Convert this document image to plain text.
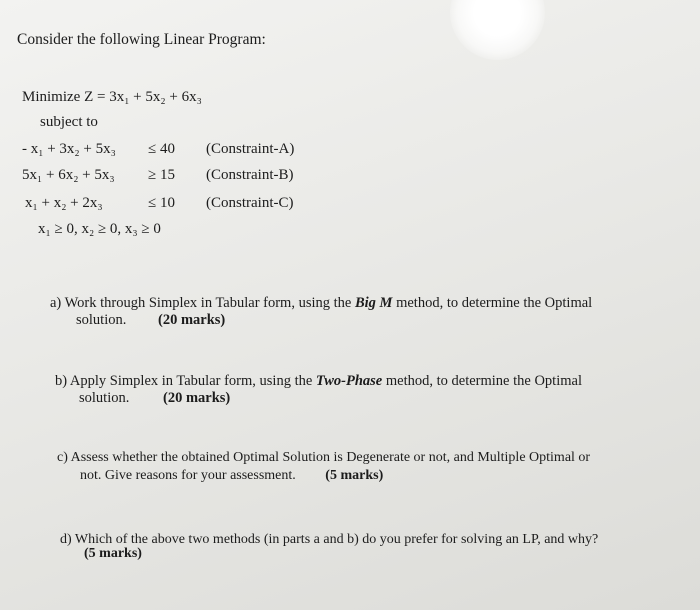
Consider the following Linear Program:
Minimize Z = 3x₁ + 5x₂ + 6x₃
subject to
- x₁ + 3x₂ + 5x₃ ≤ 40 (Constraint-A)
5x₁ + 6x₂ + 5x₃ ≥ 15 (Constraint-B)
x₁ + x₂ + 2x₃	≤ 10 (Constraint-C)
x₁ ≥ 0, x₂ ≥ 0, x₃ ≥ 0
a) Work through Simplex in Tabular form, using the Big M method, to determine the Optimal
solution. (20 marks)
b) Apply Simplex in Tabular form, using the Two-Phase method, to determine the Optimal
solution. (20 marks)
c) Assess whether the obtained Optimal Solution is Degenerate or not, and Multiple Optimal or
not. Give reasons for your assessment. (5 marks)
d) Which of the above two methods (in parts a and b) do you prefer for solving an LP, and why?
(5 marks)
